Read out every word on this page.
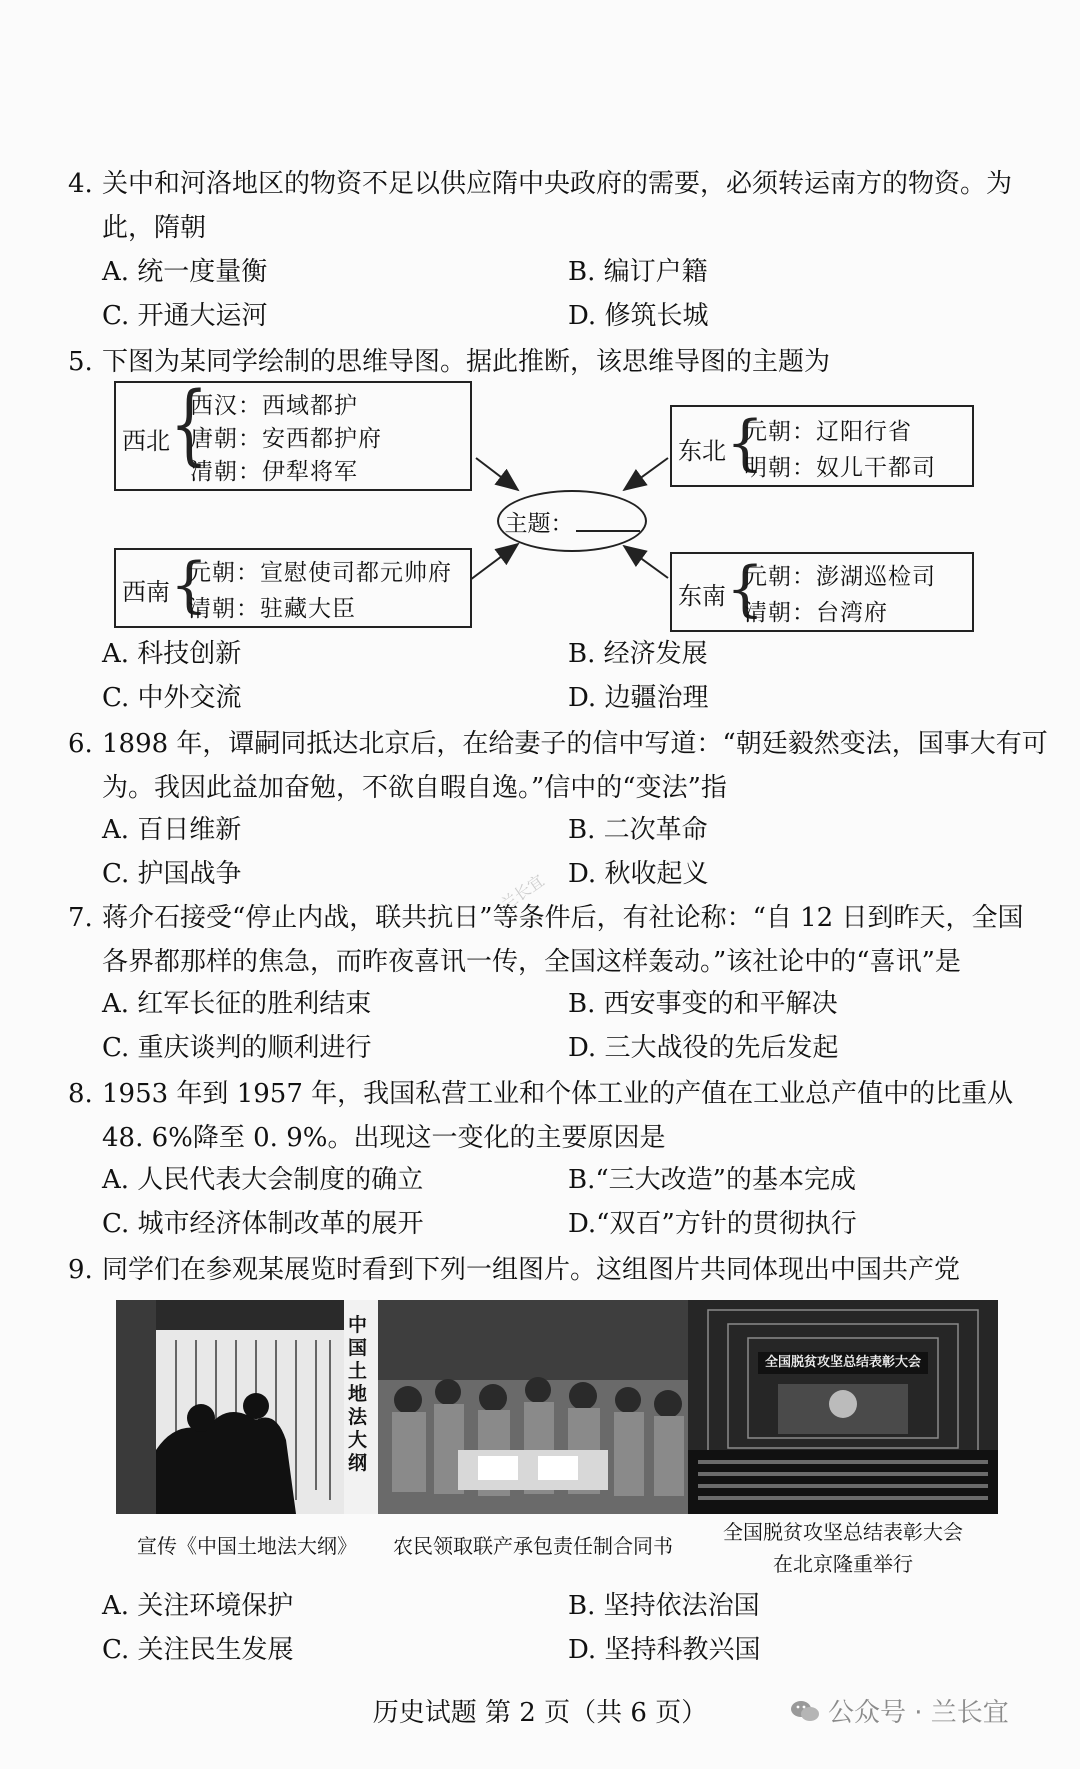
4. 关中和河洛地区的物资不足以供应隋中央政府的需要，必须转运南方的物资。为
此，隋朝
A. 统一度量衡	B. 编订户籍
C. 开通大运河	D. 修筑长城
5. 下图为某同学绘制的思维导图。据此推断，该思维导图的主题为
西北 {
西汉：西域都护
唐朝：安西都护府
清朝：伊犁将军
东北 {
元朝：辽阳行省
明朝：奴儿干都司
主题：
西南 {
元朝：宣慰使司都元帅府
清朝：驻藏大臣	东南 {
元朝：澎湖巡检司
清朝：台湾府
A. 科技创新	B. 经济发展
C. 中外交流	D. 边疆治理
6. 1898 年，谭嗣同抵达北京后，在给妻子的信中写道：“朝廷毅然变法，国事大有可
为。我因此益加奋勉，不欲自暇自逸。”信中的“变法”指
A. 百日维新	B. 二次革命
C. 护国战争	D. 秋收起义
兰长宜
7. 蒋介石接受“停止内战，联共抗日”等条件后，有社论称：“自 12 日到昨天，全国
各界都那样的焦急，而昨夜喜讯一传，全国这样轰动。”该社论中的“喜讯”是
A. 红军长征的胜利结束	B. 西安事变的和平解决
C. 重庆谈判的顺利进行	D. 三大战役的先后发起
8. 1953 年到 1957 年，我国私营工业和个体工业的产值在工业总产值中的比重从
48. 6%降至 0. 9%。出现这一变化的主要原因是
A. 人民代表大会制度的确立	B.“三大改造”的基本完成
C. 城市经济体制改革的展开	D.“双百”方针的贯彻执行
9. 同学们在参观某展览时看到下列一组图片。这组图片共同体现出中国共产党
中国土地法大纲
全国脱贫攻坚总结表彰大会
宣传《中国土地法大纲》	农民领取联产承包责任制合同书
全国脱贫攻坚总结表彰大会
在北京隆重举行
A. 关注环境保护	B. 坚持依法治国
C. 关注民生发展	D. 坚持科教兴国
历史试题 第 2 页（共 6 页）	公众号 · 兰长宜
